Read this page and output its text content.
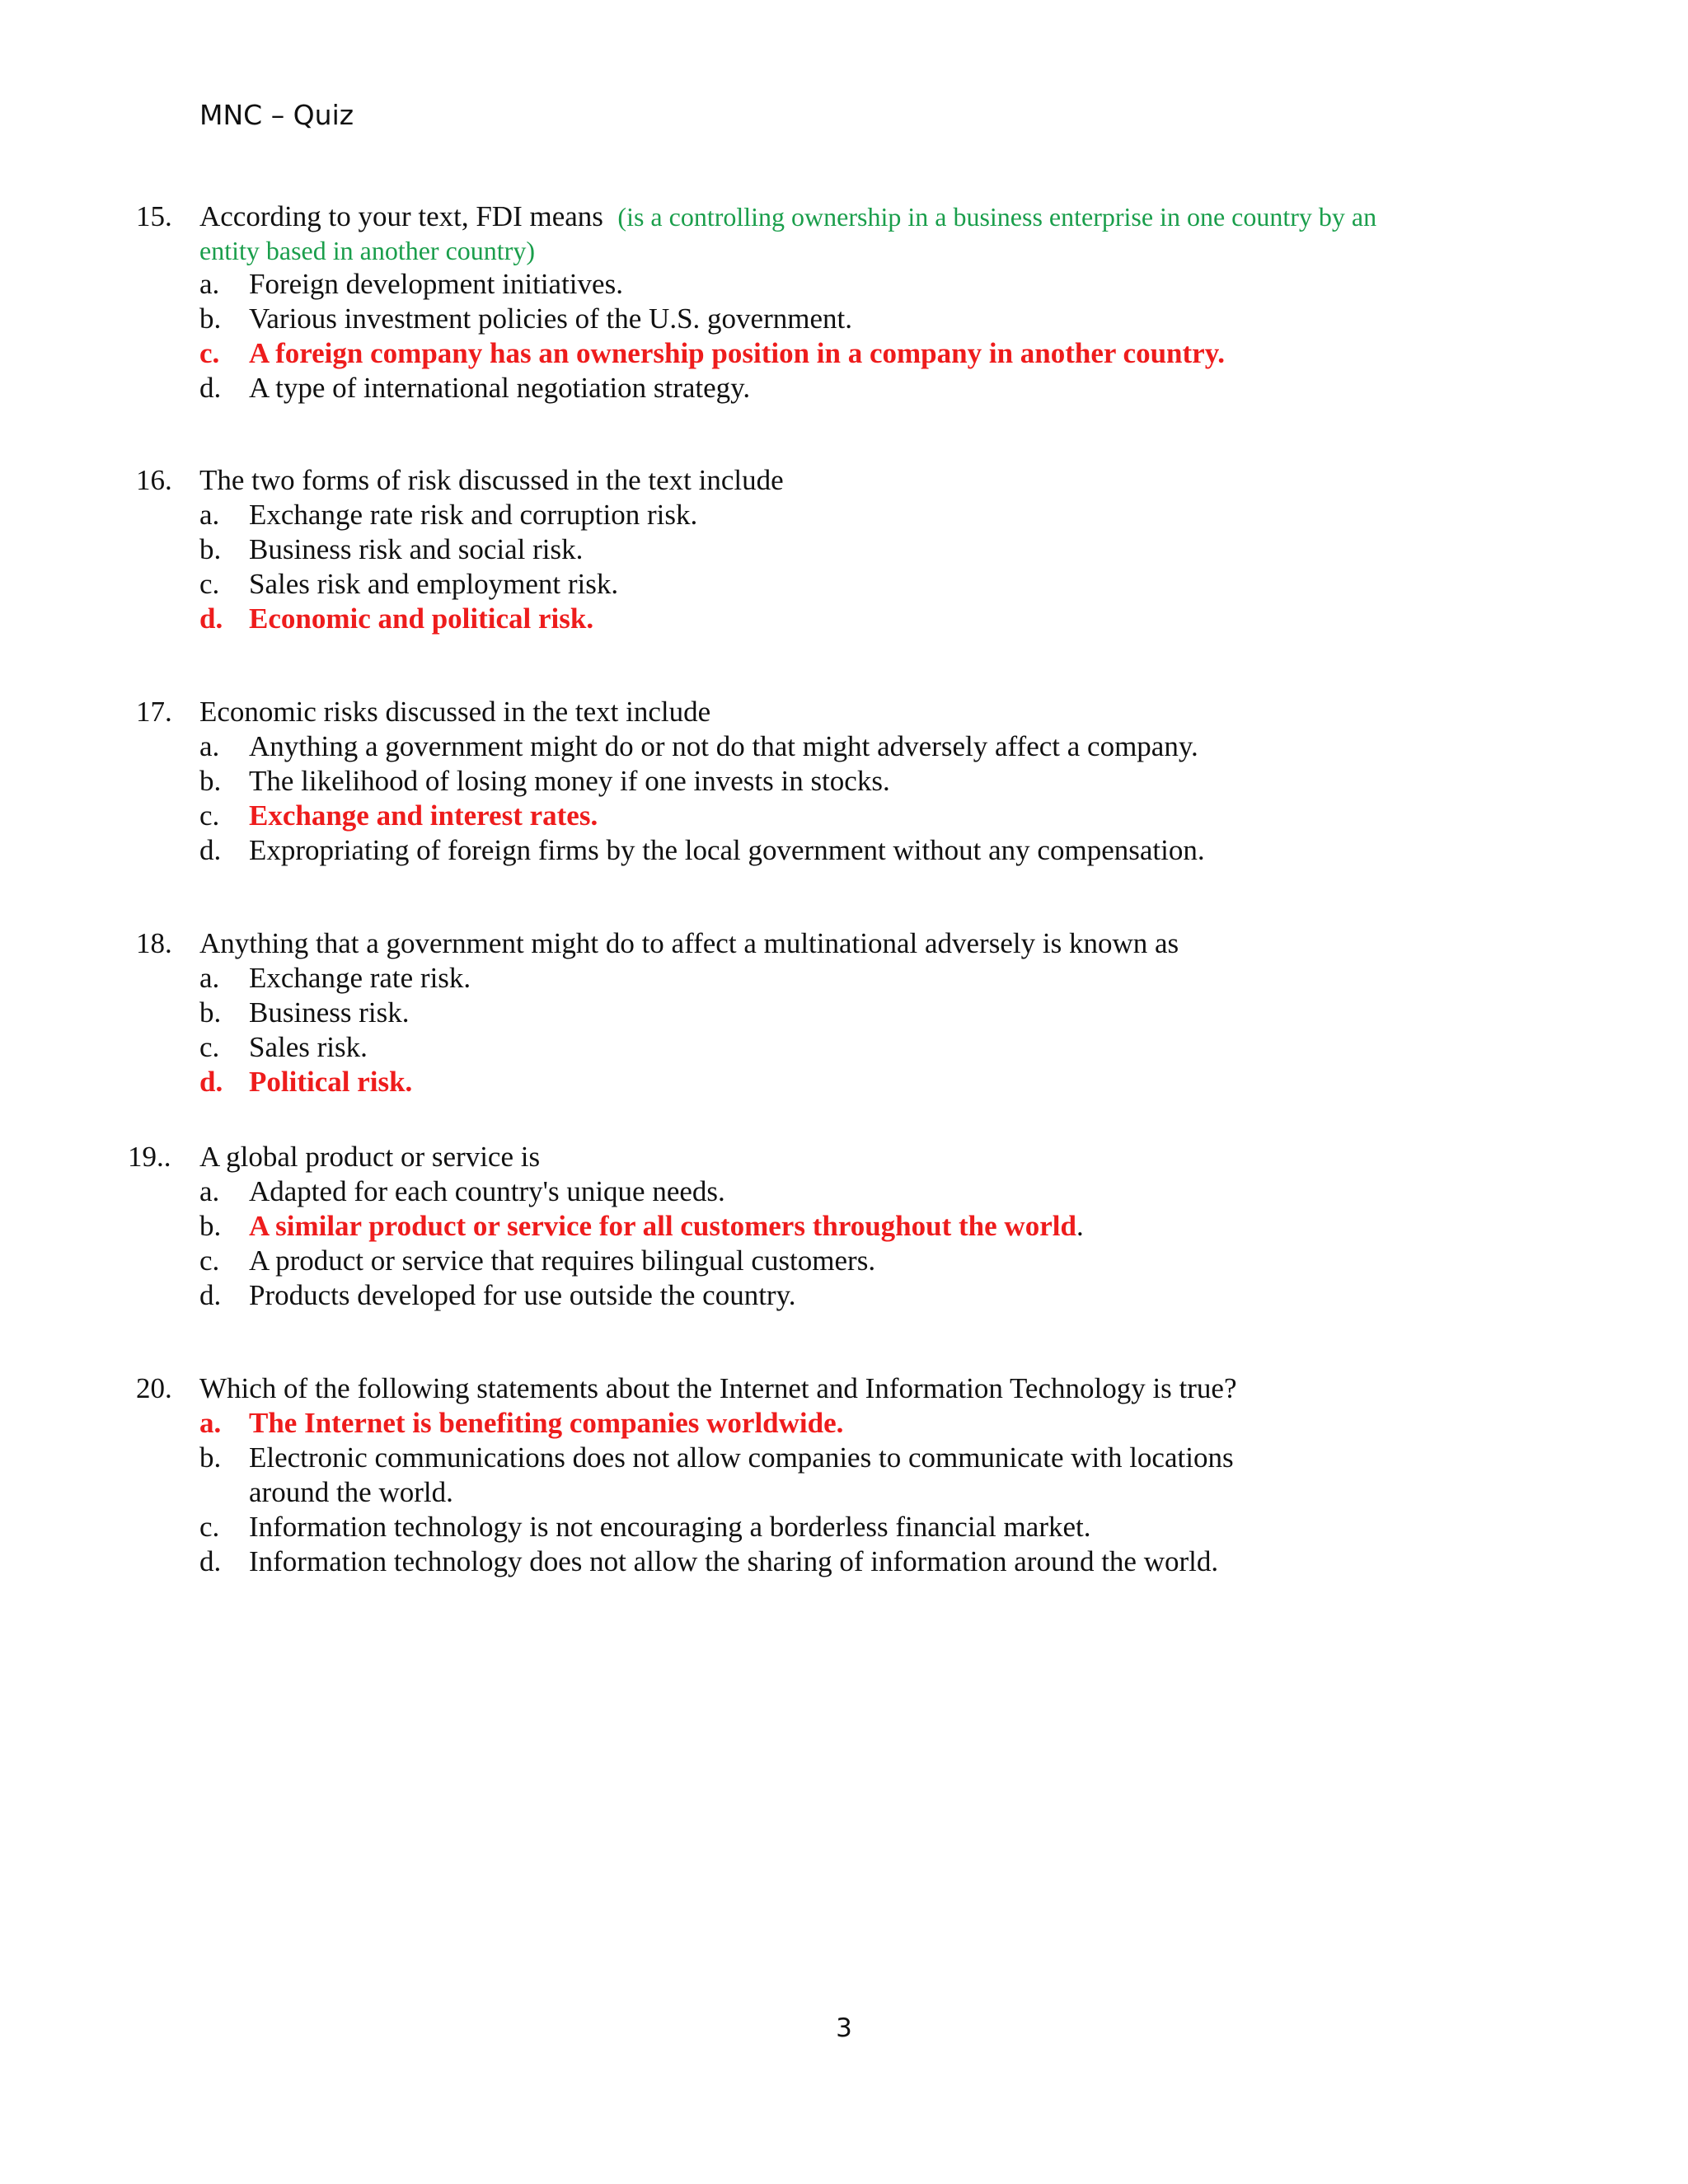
MNC – Quiz
15. According to your text, FDI means (is a controlling ownership in a business enterprise in one country by an
entity based in another country)
a. Foreign development initiatives.
b. Various investment policies of the U.S. government.
c. A foreign company has an ownership position in a company in another country.
d. A type of international negotiation strategy.
16. The two forms of risk discussed in the text include
a. Exchange rate risk and corruption risk.
b. Business risk and social risk.
c. Sales risk and employment risk.
d. Economic and political risk.
17. Economic risks discussed in the text include
a. Anything a government might do or not do that might adversely affect a company.
b. The likelihood of losing money if one invests in stocks.
c. Exchange and interest rates.
d. Expropriating of foreign firms by the local government without any compensation.
18. Anything that a government might do to affect a multinational adversely is known as
a. Exchange rate risk.
b. Business risk.
c. Sales risk.
d. Political risk.
19.. A global product or service is
a. Adapted for each country's unique needs.
b. A similar product or service for all customers throughout the world.
c. A product or service that requires bilingual customers.
d. Products developed for use outside the country.
20. Which of the following statements about the Internet and Information Technology is true?
a. The Internet is benefiting companies worldwide.
b. Electronic communications does not allow companies to communicate with locations
around the world.
c. Information technology is not encouraging a borderless financial market.
d. Information technology does not allow the sharing of information around the world.
3
